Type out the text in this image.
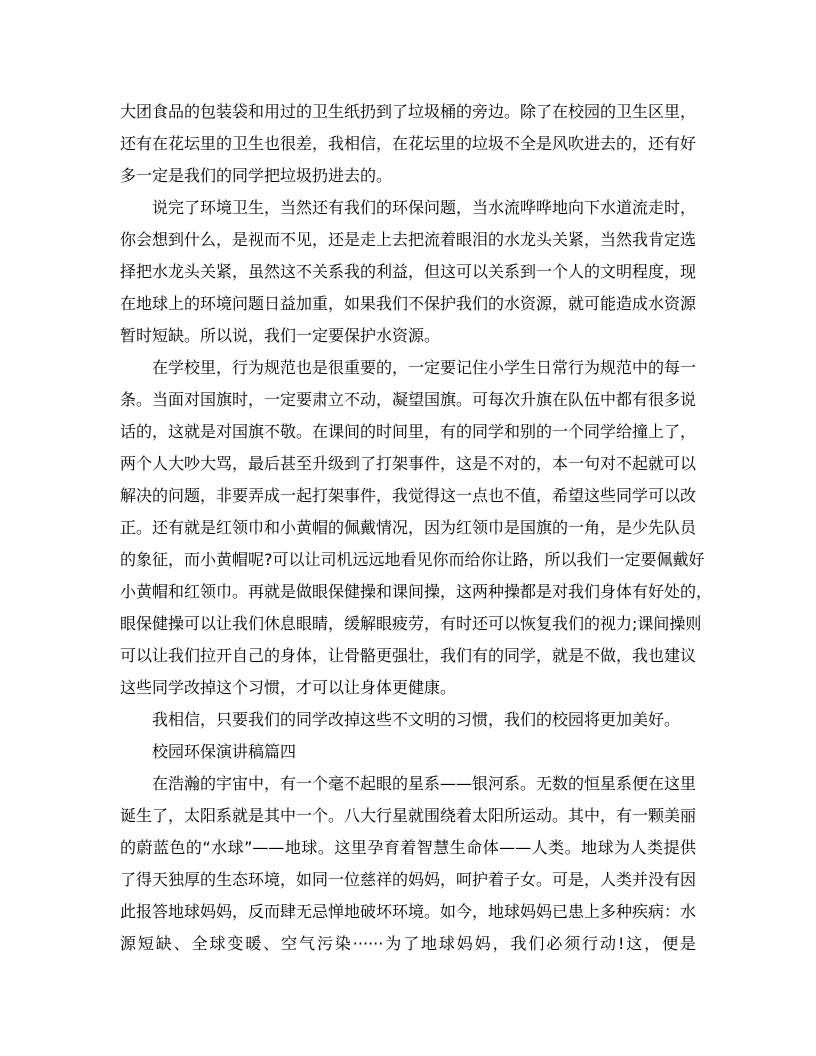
大团食品的包装袋和用过的卫生纸扔到了垃圾桶的旁边。除了在校园的卫生区里，
还有在花坛里的卫生也很差，我相信，在花坛里的垃圾不全是风吹进去的，还有好
多一定是我们的同学把垃圾扔进去的。
说完了环境卫生，当然还有我们的环保问题，当水流哗哗地向下水道流走时，
你会想到什么，是视而不见，还是走上去把流着眼泪的水龙头关紧，当然我肯定选
择把水龙头关紧，虽然这不关系我的利益，但这可以关系到一个人的文明程度，现
在地球上的环境问题日益加重，如果我们不保护我们的水资源，就可能造成水资源
暂时短缺。所以说，我们一定要保护水资源。
在学校里，行为规范也是很重要的，一定要记住小学生日常行为规范中的每一
条。当面对国旗时，一定要肃立不动，凝望国旗。可每次升旗在队伍中都有很多说
话的，这就是对国旗不敬。在课间的时间里，有的同学和别的一个同学给撞上了，
两个人大吵大骂，最后甚至升级到了打架事件，这是不对的，本一句对不起就可以
解决的问题，非要弄成一起打架事件，我觉得这一点也不值，希望这些同学可以改
正。还有就是红领巾和小黄帽的佩戴情况，因为红领巾是国旗的一角，是少先队员
的象征，而小黄帽呢?可以让司机远远地看见你而给你让路，所以我们一定要佩戴好
小黄帽和红领巾。再就是做眼保健操和课间操，这两种操都是对我们身体有好处的，
眼保健操可以让我们休息眼睛，缓解眼疲劳，有时还可以恢复我们的视力;课间操则
可以让我们拉开自己的身体，让骨骼更强壮，我们有的同学，就是不做，我也建议
这些同学改掉这个习惯，才可以让身体更健康。
我相信，只要我们的同学改掉这些不文明的习惯，我们的校园将更加美好。
校园环保演讲稿篇四
在浩瀚的宇宙中，有一个毫不起眼的星系——银河系。无数的恒星系便在这里
诞生了，太阳系就是其中一个。八大行星就围绕着太阳所运动。其中，有一颗美丽
的蔚蓝色的“水球”——地球。这里孕育着智慧生命体——人类。地球为人类提供
了得天独厚的生态环境，如同一位慈祥的妈妈，呵护着子女。可是，人类并没有因
此报答地球妈妈，反而肆无忌惮地破坏环境。如今，地球妈妈已患上多种疾病：水
源短缺、全球变暖、空气污染······为了地球妈妈，我们必须行动!这，便是
